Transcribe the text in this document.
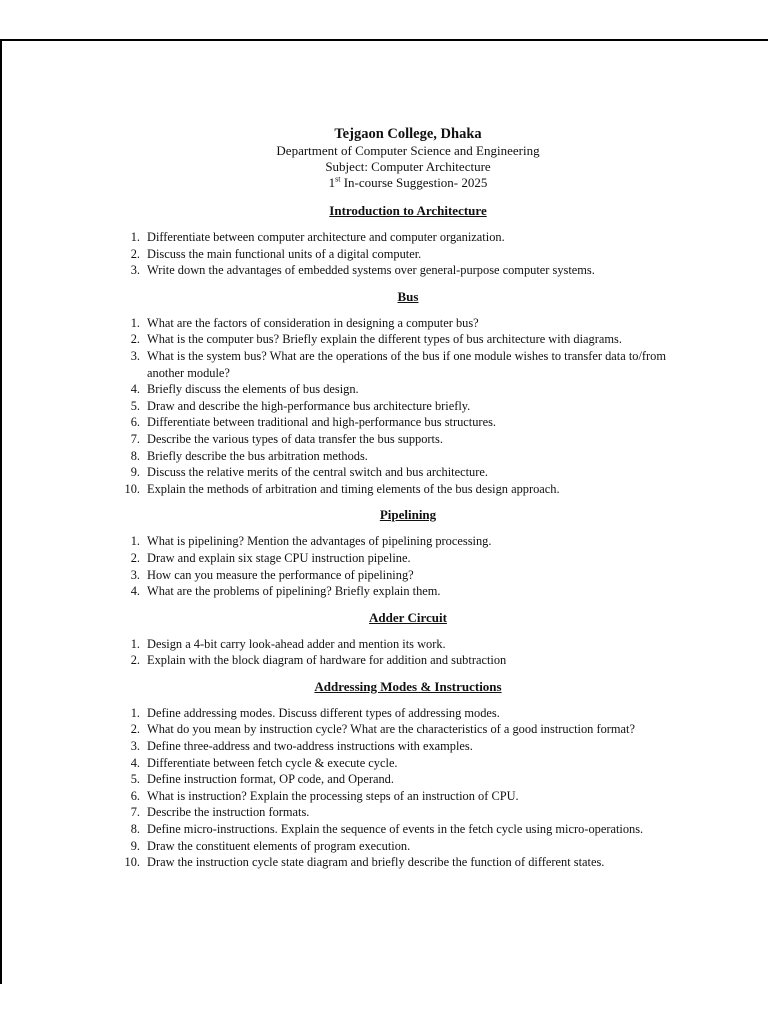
Tejgaon College, Dhaka
Department of Computer Science and Engineering
Subject: Computer Architecture
1st In-course Suggestion- 2025
Introduction to Architecture
1. Differentiate between computer architecture and computer organization.
2. Discuss the main functional units of a digital computer.
3. Write down the advantages of embedded systems over general-purpose computer systems.
Bus
1. What are the factors of consideration in designing a computer bus?
2. What is the computer bus? Briefly explain the different types of bus architecture with diagrams.
3. What is the system bus? What are the operations of the bus if one module wishes to transfer data to/from another module?
4. Briefly discuss the elements of bus design.
5. Draw and describe the high-performance bus architecture briefly.
6. Differentiate between traditional and high-performance bus structures.
7. Describe the various types of data transfer the bus supports.
8. Briefly describe the bus arbitration methods.
9. Discuss the relative merits of the central switch and bus architecture.
10. Explain the methods of arbitration and timing elements of the bus design approach.
Pipelining
1. What is pipelining? Mention the advantages of pipelining processing.
2. Draw and explain six stage CPU instruction pipeline.
3. How can you measure the performance of pipelining?
4. What are the problems of pipelining? Briefly explain them.
Adder Circuit
1. Design a 4-bit carry look-ahead adder and mention its work.
2. Explain with the block diagram of hardware for addition and subtraction
Addressing Modes & Instructions
1. Define addressing modes. Discuss different types of addressing modes.
2. What do you mean by instruction cycle? What are the characteristics of a good instruction format?
3. Define three-address and two-address instructions with examples.
4. Differentiate between fetch cycle & execute cycle.
5. Define instruction format, OP code, and Operand.
6. What is instruction? Explain the processing steps of an instruction of CPU.
7. Describe the instruction formats.
8. Define micro-instructions. Explain the sequence of events in the fetch cycle using micro-operations.
9. Draw the constituent elements of program execution.
10. Draw the instruction cycle state diagram and briefly describe the function of different states.
